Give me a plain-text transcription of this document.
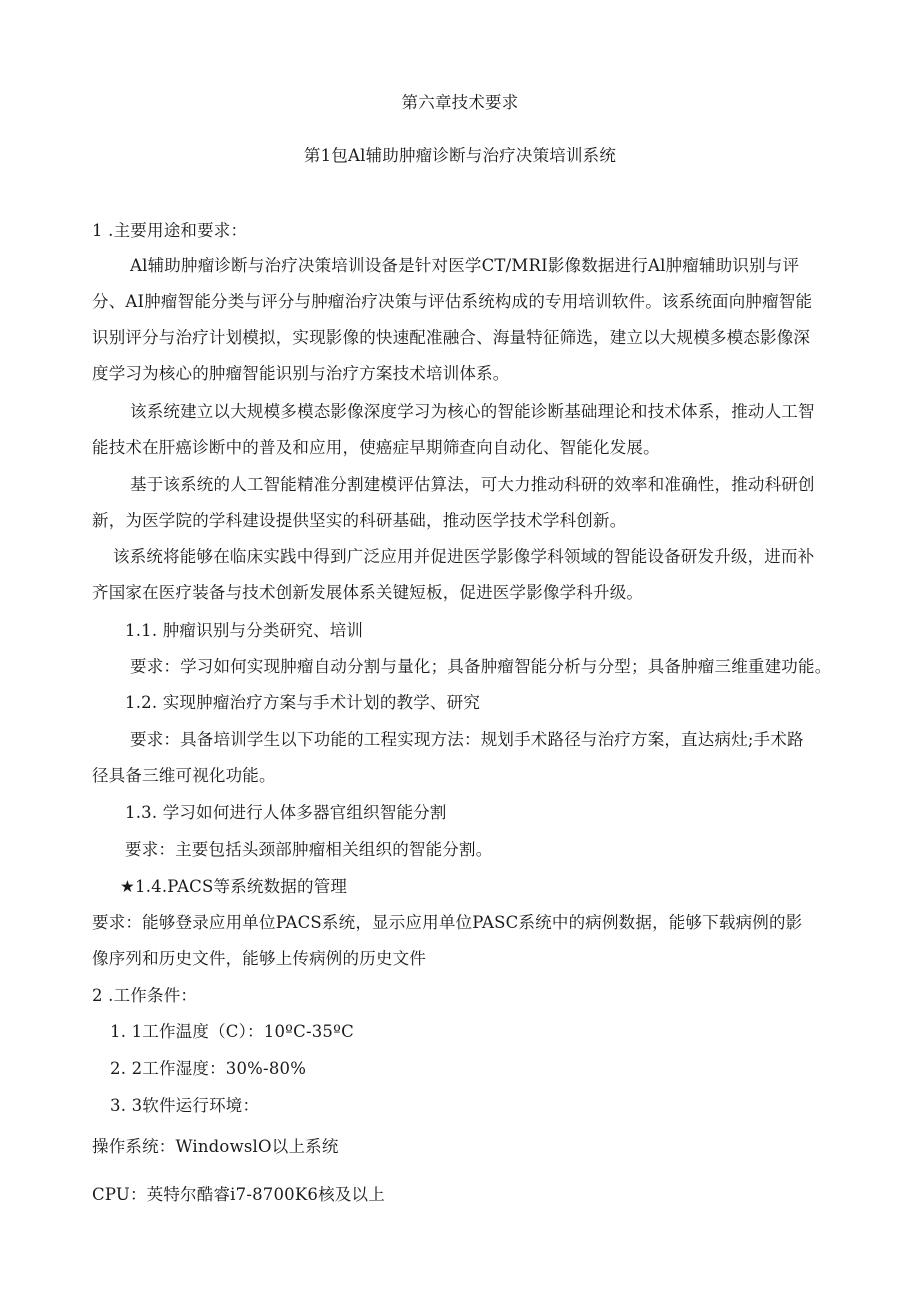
第六章技术要求
第1包Al辅助肿瘤诊断与治疗决策培训系统
1 .主要用途和要求：
Al辅助肿瘤诊断与治疗决策培训设备是针对医学CT/MRI影像数据进行Al肿瘤辅助识别与评
分、AI肿瘤智能分类与评分与肿瘤治疗决策与评估系统构成的专用培训软件。该系统面向肿瘤智能
识别评分与治疗计划模拟，实现影像的快速配准融合、海量特征筛选，建立以大规模多模态影像深
度学习为核心的肿瘤智能识别与治疗方案技术培训体系。
该系统建立以大规模多模态影像深度学习为核心的智能诊断基础理论和技术体系，推动人工智
能技术在肝癌诊断中的普及和应用，使癌症早期筛查向自动化、智能化发展。
基于该系统的人工智能精准分割建模评估算法，可大力推动科研的效率和准确性，推动科研创
新，为医学院的学科建设提供坚实的科研基础，推动医学技术学科创新。
该系统将能够在临床实践中得到广泛应用并促进医学影像学科领域的智能设备研发升级，进而补
齐国家在医疗装备与技术创新发展体系关键短板，促进医学影像学科升级。
1.1. 肿瘤识别与分类研究、培训
要求：学习如何实现肿瘤自动分割与量化；具备肿瘤智能分析与分型；具备肿瘤三维重建功能。
1.2. 实现肿瘤治疗方案与手术计划的教学、研究
要求：具备培训学生以下功能的工程实现方法：规划手术路径与治疗方案，直达病灶;手术路
径具备三维可视化功能。
1.3. 学习如何进行人体多器官组织智能分割
要求：主要包括头颈部肿瘤相关组织的智能分割。
★1.4.PACS等系统数据的管理
要求：能够登录应用单位PACS系统，显示应用单位PASC系统中的病例数据，能够下载病例的影
像序列和历史文件，能够上传病例的历史文件
2 .工作条件：
1. 1工作温度（C）：10ºC-35ºC
2. 2工作湿度：30%-80%
3. 3软件运行环境：
操作系统：WindowslO以上系统
CPU：英特尔酷睿i7-8700K6核及以上
